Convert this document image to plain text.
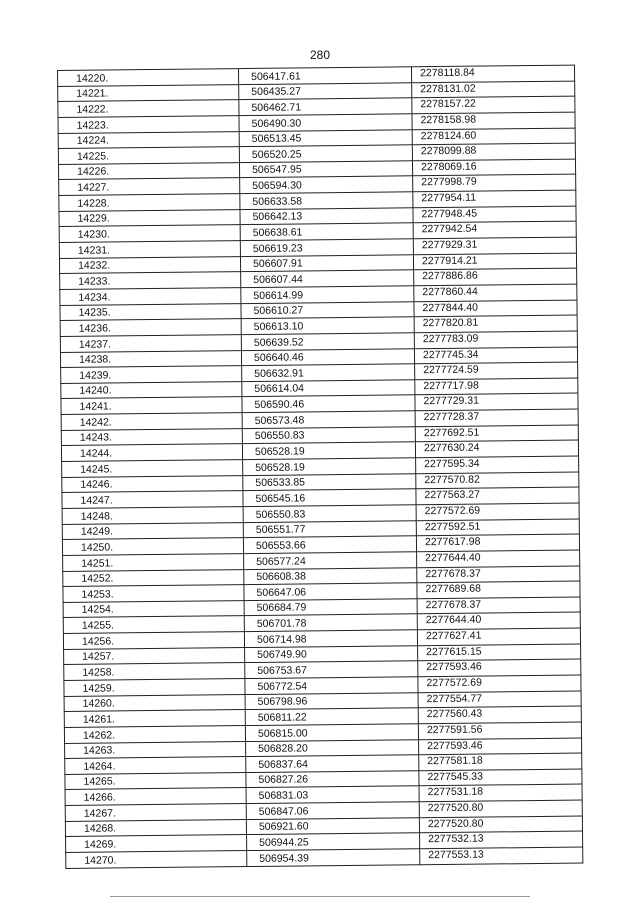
280
14220.	506417.61	2278118.84
14221.	506435.27	2278131.02
14222.	506462.71	2278157.22
14223.	506490.30	2278158.98
14224.	506513.45	2278124.60
14225.	506520.25	2278099.88
14226.	506547.95	2278069.16
14227.	506594.30	2277998.79
14228.	506633.58	2277954.11
14229.	506642.13	2277948.45
14230.	506638.61	2277942.54
14231.	506619.23	2277929.31
14232.	506607.91	2277914.21
14233.	506607.44	2277886.86
14234.	506614.99	2277860.44
14235.	506610.27	2277844.40
14236.	506613.10	2277820.81
14237.	506639.52	2277783.09
14238.	506640.46	2277745.34
14239.	506632.91	2277724.59
14240.	506614.04	2277717.98
14241.	506590.46	2277729.31
14242.	506573.48	2277728.37
14243.	506550.83	2277692.51
14244.	506528.19	2277630.24
14245.	506528.19	2277595.34
14246.	506533.85	2277570.82
14247.	506545.16	2277563.27
14248.	506550.83	2277572.69
14249.	506551.77	2277592.51
14250.	506553.66	2277617.98
14251.	506577.24	2277644.40
14252.	506608.38	2277678.37
14253.	506647.06	2277689.68
14254.	506684.79	2277678.37
14255.	506701.78	2277644.40
14256.	506714.98	2277627.41
14257.	506749.90	2277615.15
14258.	506753.67	2277593.46
14259.	506772.54	2277572.69
14260.	506798.96	2277554.77
14261.	506811.22	2277560.43
14262.	506815.00	2277591.56
14263.	506828.20	2277593.46
14264.	506837.64	2277581.18
14265.	506827.26	2277545.33
14266.	506831.03	2277531.18
14267.	506847.06	2277520.80
14268.	506921.60	2277520.80
14269.	506944.25	2277532.13
14270.	506954.39	2277553.13
